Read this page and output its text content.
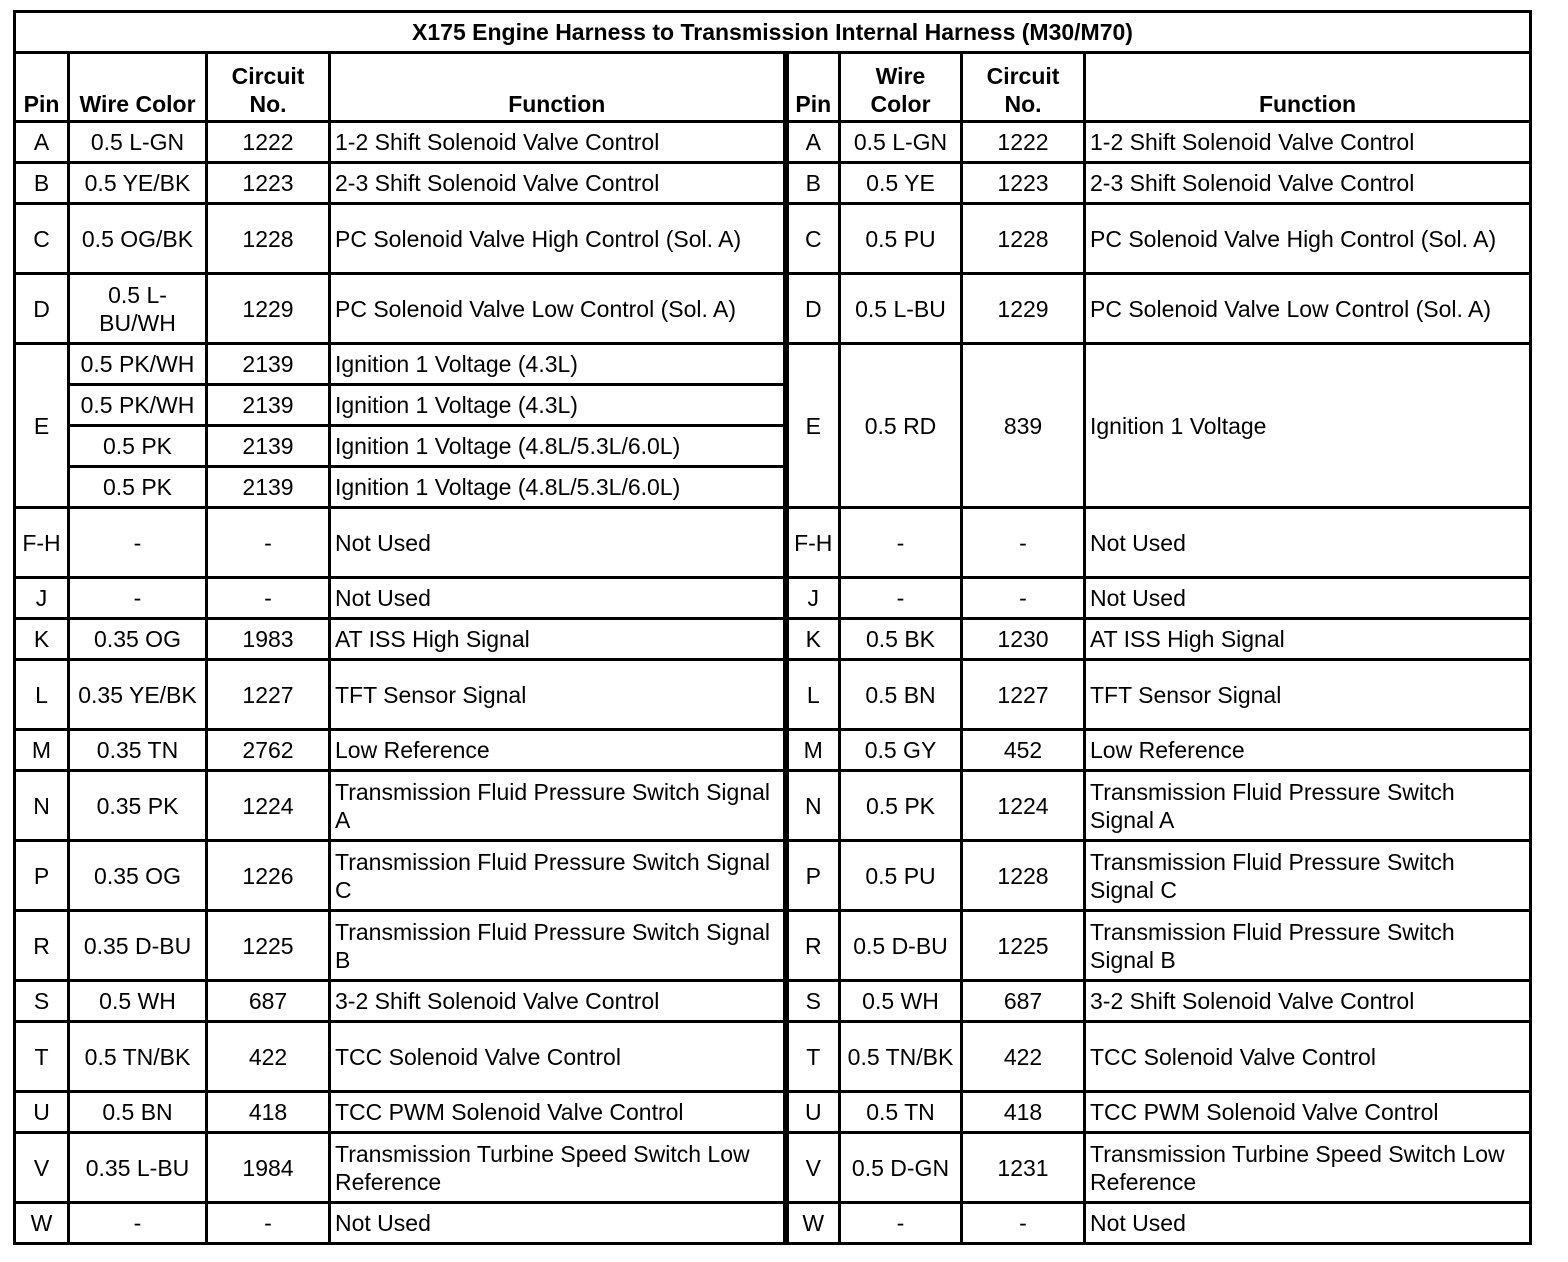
X175 Engine Harness to Transmission Internal Harness (M30/M70)							
Pin	Wire Color	Circuit No.	Function	Pin	Wire Color	Circuit No.	Function
A	0.5 L-GN	1222	1-2 Shift Solenoid Valve Control	A	0.5 L-GN	1222	1-2 Shift Solenoid Valve Control
B	0.5 YE/BK	1223	2-3 Shift Solenoid Valve Control	B	0.5 YE	1223	2-3 Shift Solenoid Valve Control
C	0.5 OG/BK	1228	PC Solenoid Valve High Control (Sol. A)	C	0.5 PU	1228	PC Solenoid Valve High Control (Sol. A)
D	0.5 L-BU/WH	1229	PC Solenoid Valve Low Control (Sol. A)	D	0.5 L-BU	1229	PC Solenoid Valve Low Control (Sol. A)
E	0.5 PK/WH	2139	Ignition 1 Voltage (4.3L)	E	0.5 RD	839	Ignition 1 Voltage
	0.5 PK/WH	2139	Ignition 1 Voltage (4.3L)				
	0.5 PK	2139	Ignition 1 Voltage (4.8L/5.3L/6.0L)				
	0.5 PK	2139	Ignition 1 Voltage (4.8L/5.3L/6.0L)				
F-H	-	-	Not Used	F-H	-	-	Not Used
J	-	-	Not Used	J	-	-	Not Used
K	0.35 OG	1983	AT ISS High Signal	K	0.5 BK	1230	AT ISS High Signal
L	0.35 YE/BK	1227	TFT Sensor Signal	L	0.5 BN	1227	TFT Sensor Signal
M	0.35 TN	2762	Low Reference	M	0.5 GY	452	Low Reference
N	0.35 PK	1224	Transmission Fluid Pressure Switch Signal A	N	0.5 PK	1224	Transmission Fluid Pressure Switch Signal A
P	0.35 OG	1226	Transmission Fluid Pressure Switch Signal C	P	0.5 PU	1228	Transmission Fluid Pressure Switch Signal C
R	0.35 D-BU	1225	Transmission Fluid Pressure Switch Signal B	R	0.5 D-BU	1225	Transmission Fluid Pressure Switch Signal B
S	0.5 WH	687	3-2 Shift Solenoid Valve Control	S	0.5 WH	687	3-2 Shift Solenoid Valve Control
T	0.5 TN/BK	422	TCC Solenoid Valve Control	T	0.5 TN/BK	422	TCC Solenoid Valve Control
U	0.5 BN	418	TCC PWM Solenoid Valve Control	U	0.5 TN	418	TCC PWM Solenoid Valve Control
V	0.35 L-BU	1984	Transmission Turbine Speed Switch Low Reference	V	0.5 D-GN	1231	Transmission Turbine Speed Switch Low Reference
W	-	-	Not Used	W	-	-	Not Used
